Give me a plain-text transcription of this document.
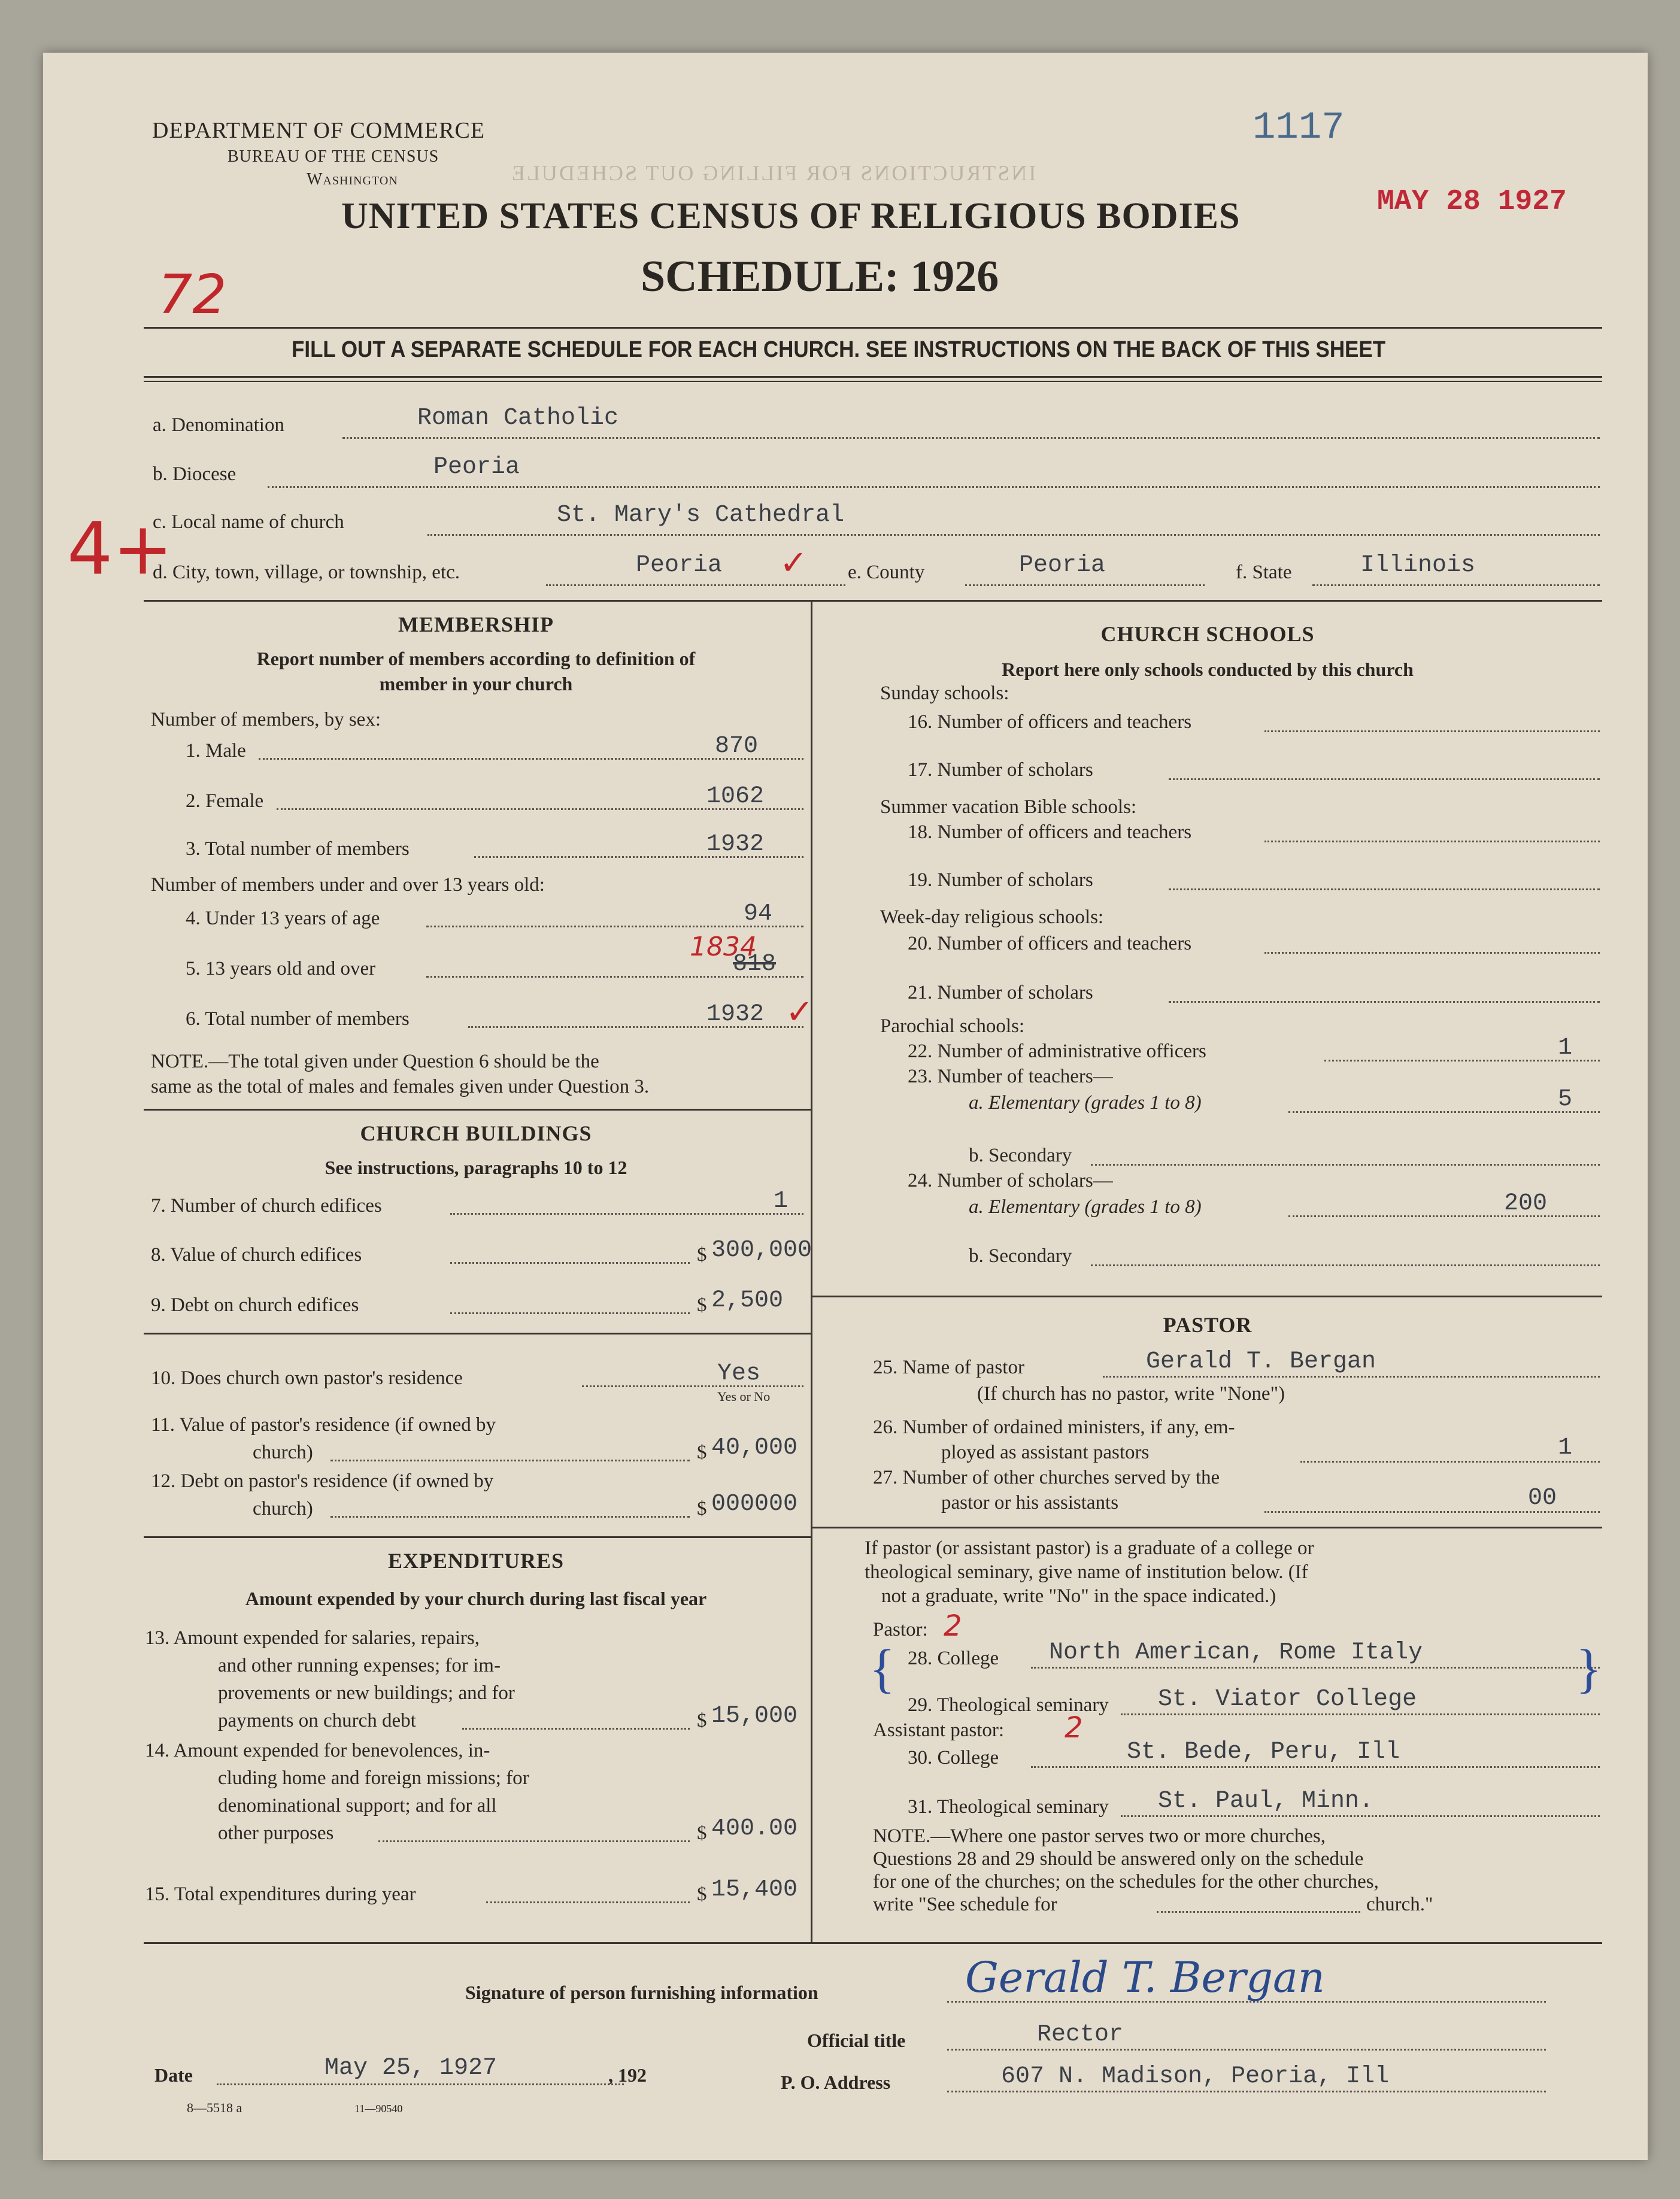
INSTRUCTIONS FOR FILLING OUT SCHEDULE
DEPARTMENT OF COMMERCE
BUREAU OF THE CENSUS
Washington
1117
MAY 28 1927
UNITED STATES CENSUS OF RELIGIOUS BODIES
SCHEDULE: 1926
72
FILL OUT A SEPARATE SCHEDULE FOR EACH CHURCH. SEE INSTRUCTIONS ON THE BACK OF THIS SHEET
a. Denomination	Roman Catholic
b. Diocese	Peoria
c. Local name of church	St. Mary's Cathedral
4+
d. City, town, village, or township, etc.	Peoria ✓ e. County	Peoria	f. State	Illinois
MEMBERSHIP
Report number of members according to definition of
member in your church
Number of members, by sex:
1. Male	870
2. Female	1062
3. Total number of members	1932
Number of members under and over 13 years old:
4. Under 13 years of age	94
1834
5. 13 years old and over	818
6. Total number of members	1932 ✓
NOTE.—The total given under Question 6 should be the
same as the total of males and females given under Question 3.
CHURCH BUILDINGS
See instructions, paragraphs 10 to 12
7. Number of church edifices	1
8. Value of church edifices	$ 300,000
9. Debt on church edifices	$ 2,500
10. Does church own pastor's residence	Yes
Yes or No
11. Value of pastor's residence (if owned by
church)	$ 40,000
12. Debt on pastor's residence (if owned by
church)	$ 000000
EXPENDITURES
Amount expended by your church during last fiscal year
13. Amount expended for salaries, repairs,
and other running expenses; for im-
provements or new buildings; and for
payments on church debt	$ 15,000
14. Amount expended for benevolences, in-
cluding home and foreign missions; for
denominational support; and for all
other purposes	$ 400.00
15. Total expenditures during year	$ 15,400
CHURCH SCHOOLS
Report here only schools conducted by this church
Sunday schools:
16. Number of officers and teachers
17. Number of scholars
Summer vacation Bible schools:
18. Number of officers and teachers
19. Number of scholars
Week-day religious schools:
20. Number of officers and teachers
21. Number of scholars
Parochial schools:
22. Number of administrative officers	1
23. Number of teachers—
a. Elementary (grades 1 to 8)	5
b. Secondary
24. Number of scholars—
a. Elementary (grades 1 to 8)	200
b. Secondary
PASTOR
25. Name of pastor	Gerald T. Bergan
(If church has no pastor, write "None")
26. Number of ordained ministers, if any, em-
ployed as assistant pastors	1
27. Number of other churches served by the
pastor or his assistants	00
If pastor (or assistant pastor) is a graduate of a college or
theological seminary, give name of institution below. (If
not a graduate, write "No" in the space indicated.)
Pastor: 2
{ 28. College North American, Rome Italy	}
29. Theological seminary St. Viator College
Assistant pastor: 2
30. College	St. Bede, Peru, Ill
31. Theological seminary St. Paul, Minn.
NOTE.—Where one pastor serves two or more churches,
Questions 28 and 29 should be answered only on the schedule
for one of the churches; on the schedules for the other churches,
write "See schedule for	church."
Signature of person furnishing information	Gerald T. Bergan
Official title	Rector
Date	May 25, 1927	, 192	P. O. Address	607 N. Madison, Peoria, Ill
8—5518 a	11—90540
